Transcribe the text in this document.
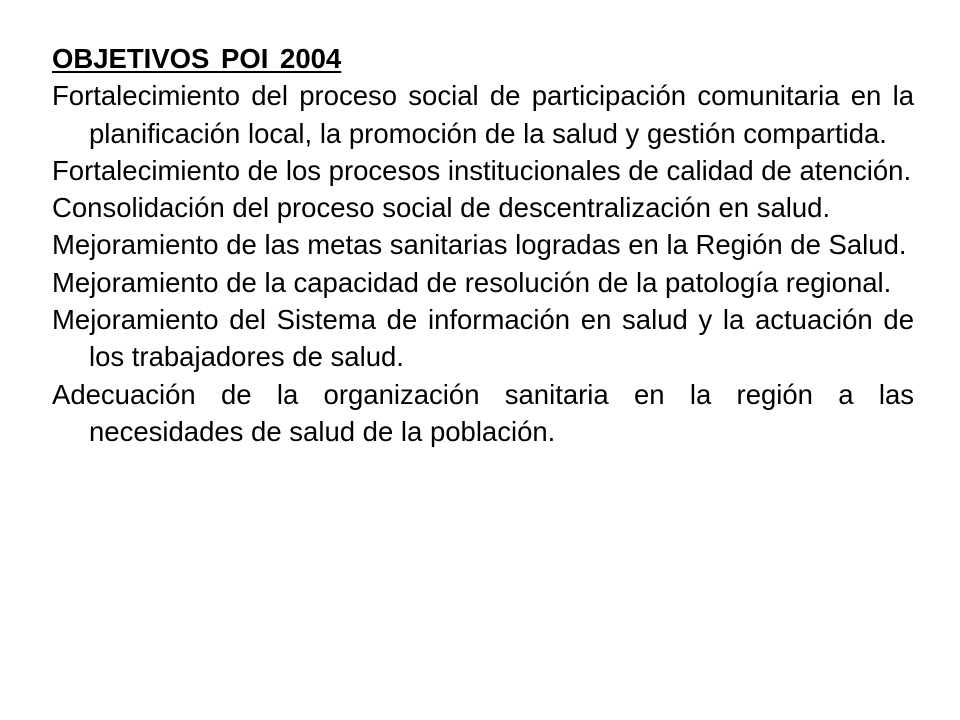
OBJETIVOS POI 2004
Fortalecimiento del proceso social de participación comunitaria en la planificación local, la promoción de la salud y gestión compartida.
Fortalecimiento de los procesos institucionales de calidad de atención.
Consolidación del proceso social de descentralización en salud.
Mejoramiento de las metas sanitarias logradas en la Región de Salud.
Mejoramiento de la capacidad de resolución de la patología regional.
Mejoramiento del Sistema de información en salud y la actuación de los trabajadores de salud.
Adecuación de la organización sanitaria en la región a las necesidades de salud de la población.
